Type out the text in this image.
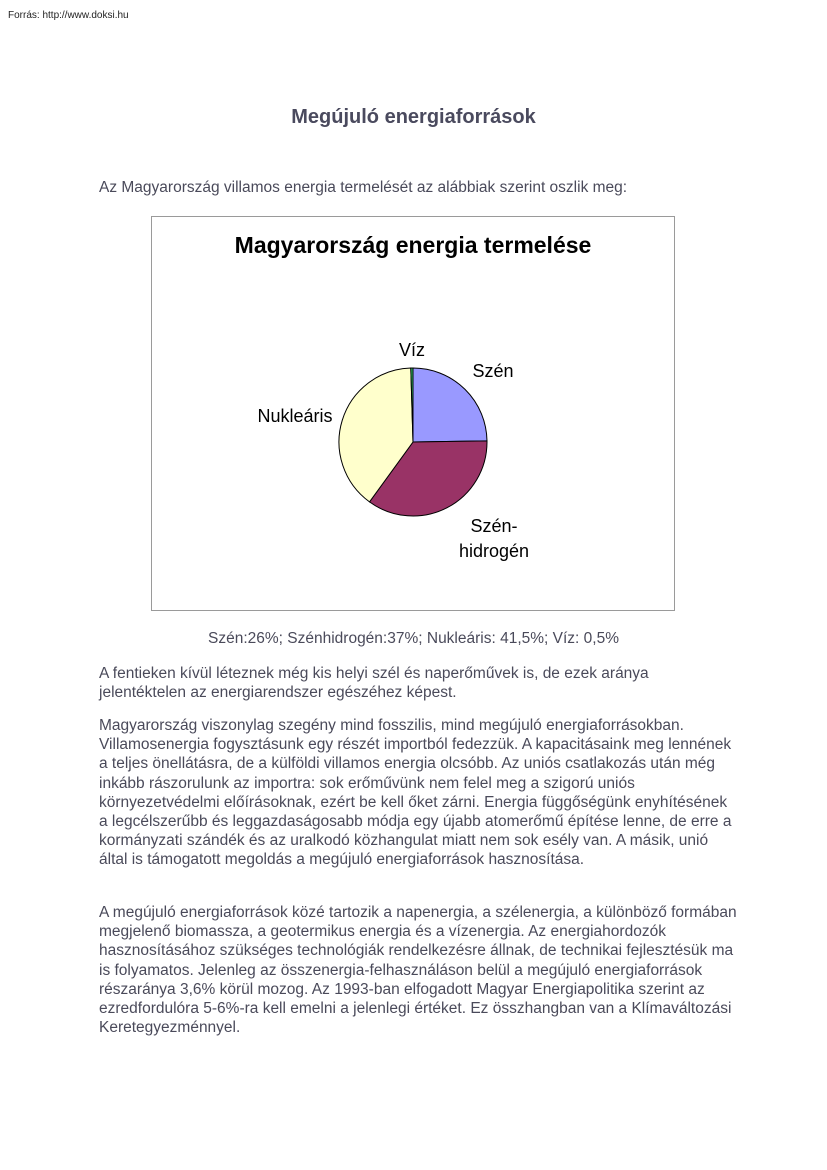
Forrás: http://www.doksi.hu
Megújuló energiaforrások
Az Magyarország villamos energia termelését az alábbiak szerint oszlik meg:
Magyarország energia termelése
Víz
Szén
Nukleáris
Szén-
hidrogén
Szén:26%; Szénhidrogén:37%; Nukleáris: 41,5%; Víz: 0,5%

A fentieken kívül léteznek még kis helyi szél és naperőművek is, de ezek aránya jelentéktelen az energiarendszer egészéhez képest.

Magyarország viszonylag szegény mind fosszilis, mind megújuló energiaforrásokban. Villamosenergia fogysztásunk egy részét importból fedezzük. A kapacitásaink meg lennének a teljes önellátásra, de a külföldi villamos energia olcsóbb. Az uniós csatlakozás után még inkább rászorulunk az importra: sok erőművünk nem felel meg a szigorú uniós környezetvédelmi előírásoknak, ezért be kell őket zárni. Energia függőségünk enyhítésének a legcélszerűbb és leggazdaságosabb módja egy újabb atomerőmű építése lenne, de erre a kormányzati szándék és az uralkodó közhangulat miatt nem sok esély van. A másik, unió által is támogatott megoldás a megújuló energiaforrások hasznosítása.

A megújuló energiaforrások közé tartozik a napenergia, a szélenergia, a különböző formában megjelenő biomassza, a geotermikus energia és a vízenergia. Az energiahordozók hasznosításához szükséges technológiák rendelkezésre állnak, de technikai fejlesztésük ma is folyamatos. Jelenleg az összenergia-felhasználáson belül a megújuló energiaforrások részaránya 3,6% körül mozog. Az 1993-ban elfogadott Magyar Energiapolitika szerint az ezredfordulóra 5-6%-ra kell emelni a jelenlegi értéket. Ez összhangban van a Klímaváltozási Keretegyezménnyel.
